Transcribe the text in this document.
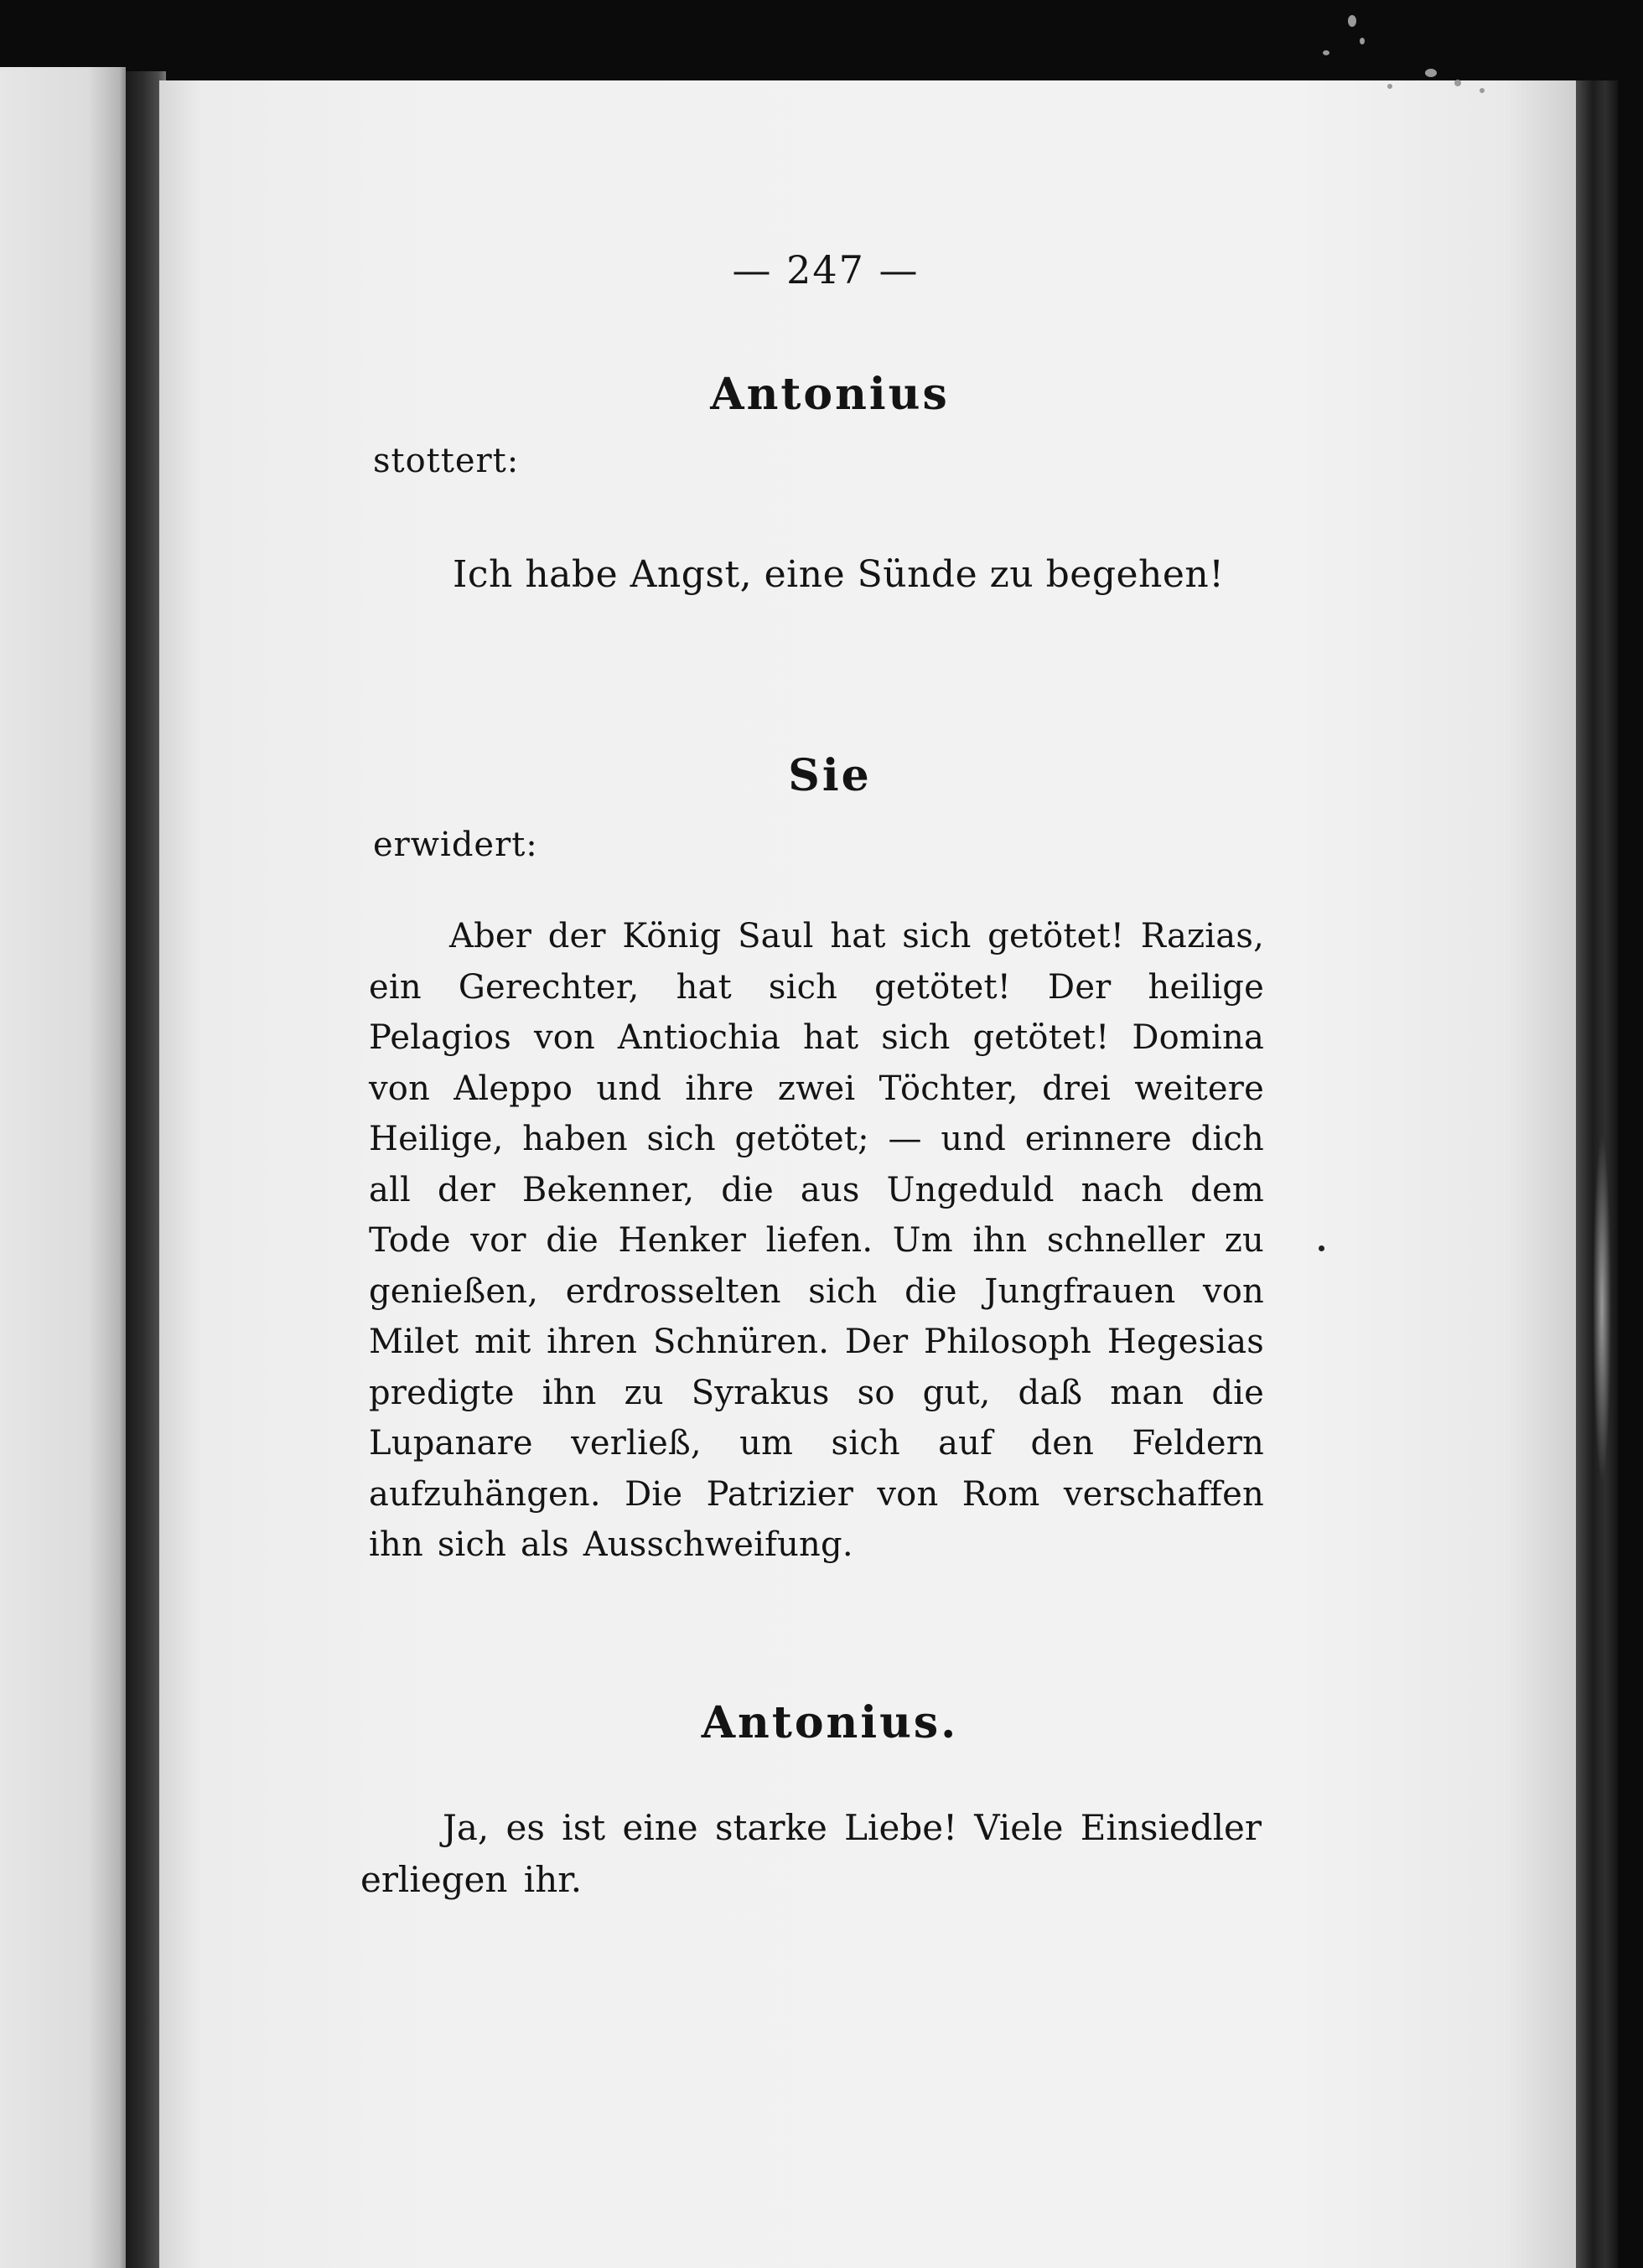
— 247 —
Antonius
stottert:
Ich habe Angst, eine Sünde zu begehen!
Sie
erwidert:
Aber der König Saul hat sich getötet! Razias, ein Gerechter, hat sich getötet! Der heilige Pelagios von Antiochia hat sich getötet! Domina von Aleppo und ihre zwei Töchter, drei weitere Heilige, haben sich getötet; — und erinnere dich all der Bekenner, die aus Ungeduld nach dem Tode vor die Henker liefen. Um ihn schneller zu genießen, erdrosselten sich die Jungfrauen von Milet mit ihren Schnüren. Der Philosoph Hegesias predigte ihn zu Syrakus so gut, daß man die Lupanare verließ, um sich auf den Feldern aufzuhängen. Die Patrizier von Rom verschaffen ihn sich als Ausschweifung.
Antonius.
Ja, es ist eine starke Liebe! Viele Einsiedler erliegen ihr.
